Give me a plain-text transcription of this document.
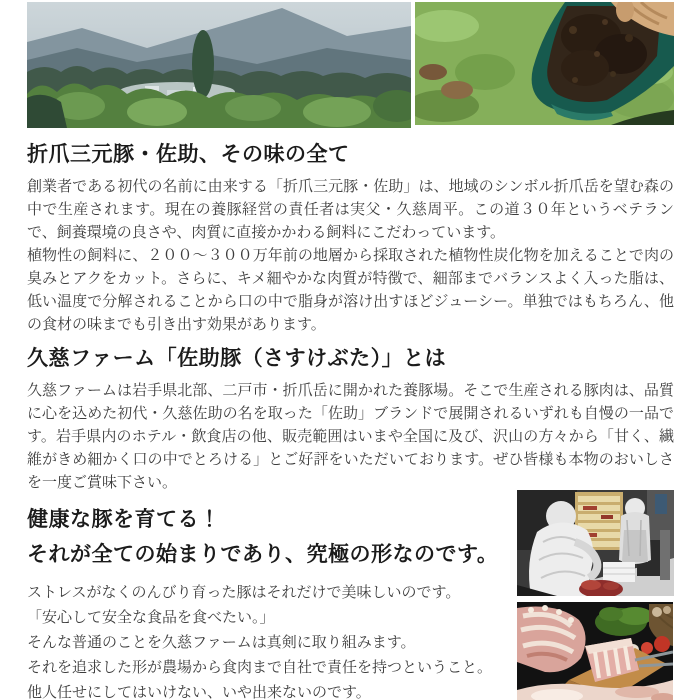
折爪三元豚・佐助、その味の全て

創業者である初代の名前に由来する「折爪三元豚・佐助」は、地域のシンボル折爪岳を望む森の中で生産されます。現在の養豚経営の責任者は実父・久慈周平。この道３０年というベテランで、飼養環境の良さや、肉質に直接かかわる飼料にこだわっています。

植物性の飼料に、２００～３００万年前の地層から採取された植物性炭化物を加えることで肉の臭みとアクをカット。さらに、キメ細やかな肉質が特徴で、細部までバランスよく入った脂は、低い温度で分解されることから口の中で脂身が溶け出すほどジューシー。単独ではもちろん、他の食材の味までも引き出す効果があります。

久慈ファーム「佐助豚（さすけぶた）」とは

久慈ファームは岩手県北部、二戸市・折爪岳に開かれた養豚場。そこで生産される豚肉は、品質に心を込めた初代・久慈佐助の名を取った「佐助」ブランドで展開されるいずれも自慢の一品です。岩手県内のホテル・飲食店の他、販売範囲はいまや全国に及び、沢山の方々から「甘く、繊維がきめ細かく口の中でとろける」とご好評をいただいております。ぜひ皆様も本物のおいしさを一度ご賞味下さい。

健康な豚を育てる！
それが全ての始まりであり、究極の形なのです。

ストレスがなくのんびり育った豚はそれだけで美味しいのです。

「安心して安全な食品を食べたい。」

そんな普通のことを久慈ファームは真剣に取り組みます。

それを追求した形が農場から食肉まで自社で責任を持つということ。

他人任せにしてはいけない、いや出来ないのです。
